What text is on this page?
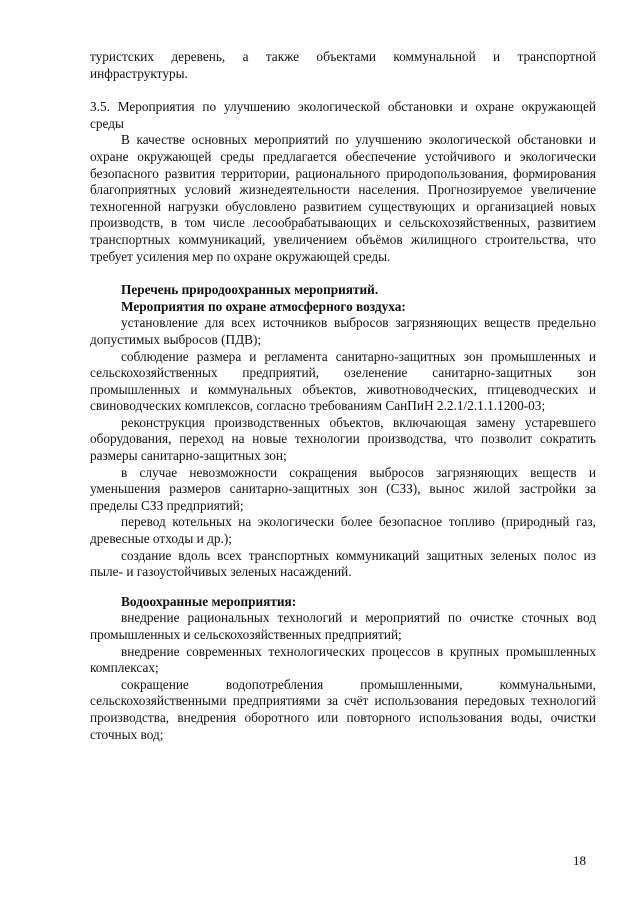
туристских деревень, а также объектами коммунальной и транспортной инфраструктуры.

3.5. Мероприятия по улучшению экологической обстановки и охране окружающей среды

В качестве основных мероприятий по улучшению экологической обстановки и охране окружающей среды предлагается обеспечение устойчивого и экологически безопасного развития территории, рационального природопользования, формирования благоприятных условий жизнедеятельности населения. Прогнозируемое увеличение техногенной нагрузки обусловлено развитием существующих и организацией новых производств, в том числе лесообрабатывающих и сельскохозяйственных, развитием транспортных коммуникаций, увеличением объёмов жилищного строительства, что требует усиления мер по охране окружающей среды.

Перечень природоохранных мероприятий.

Мероприятия по охране атмосферного воздуха:

установление для всех источников выбросов загрязняющих веществ предельно допустимых выбросов (ПДВ);

соблюдение размера и регламента санитарно-защитных зон промышленных и сельскохозяйственных предприятий, озеленение санитарно-защитных зон промышленных и коммунальных объектов, животноводческих, птицеводческих и свиноводческих комплексов, согласно требованиям СанПиН 2.2.1/2.1.1.1200-03;

реконструкция производственных объектов, включающая замену устаревшего оборудования, переход на новые технологии производства, что позволит сократить размеры санитарно-защитных зон;

в случае невозможности сокращения выбросов загрязняющих веществ и уменьшения размеров санитарно-защитных зон (СЗЗ), вынос жилой застройки за пределы СЗЗ предприятий;

перевод котельных на экологически более безопасное топливо (природный газ, древесные отходы и др.);

создание вдоль всех транспортных коммуникаций защитных зеленых полос из пыле- и газоустойчивых зеленых насаждений.

Водоохранные мероприятия:

внедрение рациональных технологий и мероприятий по очистке сточных вод промышленных и сельскохозяйственных предприятий;

внедрение современных технологических процессов в крупных промышленных комплексах;

сокращение водопотребления промышленными, коммунальными, сельскохозяйственными предприятиями за счёт использования передовых технологий производства, внедрения оборотного или повторного использования воды, очистки сточных вод;

18
